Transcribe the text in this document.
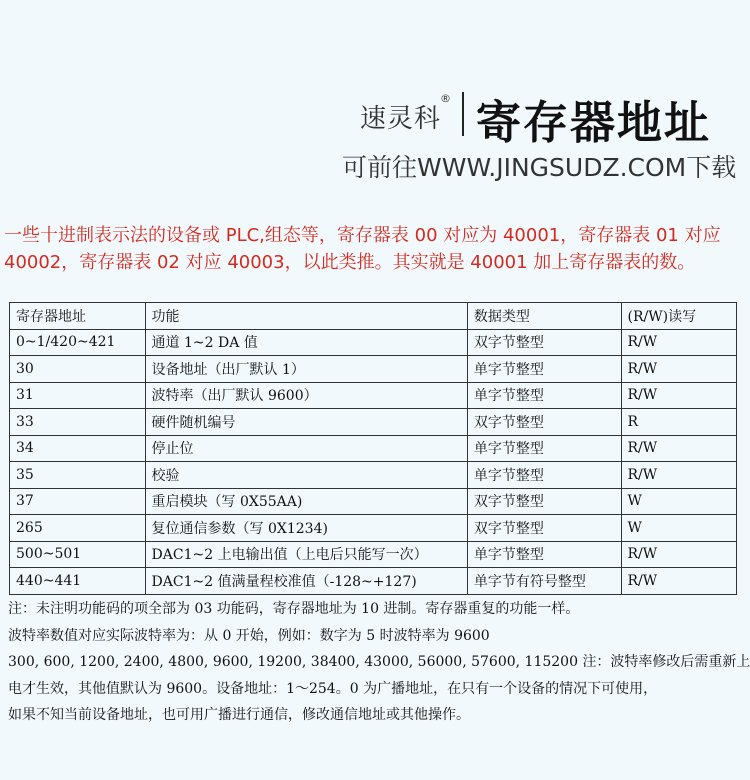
速灵科
® 寄存器地址
可前往WWW.JINGSUDZ.COM下载

一些十进制表示法的设备或 PLC,组态等，寄存器表 00 对应为 40001，寄存器表 01 对应 40002，寄存器表 02 对应 40003，以此类推。其实就是 40001 加上寄存器表的数。

寄存器地址	功能	数据类型	(R/W)读写
0~1/420~421	通道 1~2 DA 值	双字节整型	R/W
30	设备地址（出厂默认 1）	单字节整型	R/W
31	波特率（出厂默认 9600）	单字节整型	R/W
33	硬件随机编号	双字节整型	R
34	停止位	单字节整型	R/W
35	校验	单字节整型	R/W
37	重启模块（写 0X55AA)	双字节整型	W
265	复位通信参数（写 0X1234)	双字节整型	W
500~501	DAC1~2 上电输出值（上电后只能写一次）	单字节整型	R/W
440~441	DAC1~2 值满量程校准值（-128~+127)	单字节有符号整型	R/W

注：未注明功能码的项全部为 03 功能码，寄存器地址为 10 进制。寄存器重复的功能一样。

波特率数值对应实际波特率为：从 0 开始，例如：数字为 5 时波特率为 9600

300, 600, 1200, 2400, 4800, 9600, 19200, 38400, 43000, 56000, 57600, 115200 注：波特率修改后需重新上

电才生效，其他值默认为 9600。设备地址：1～254。0 为广播地址，在只有一个设备的情况下可使用，

如果不知当前设备地址，也可用广播进行通信，修改通信地址或其他操作。
